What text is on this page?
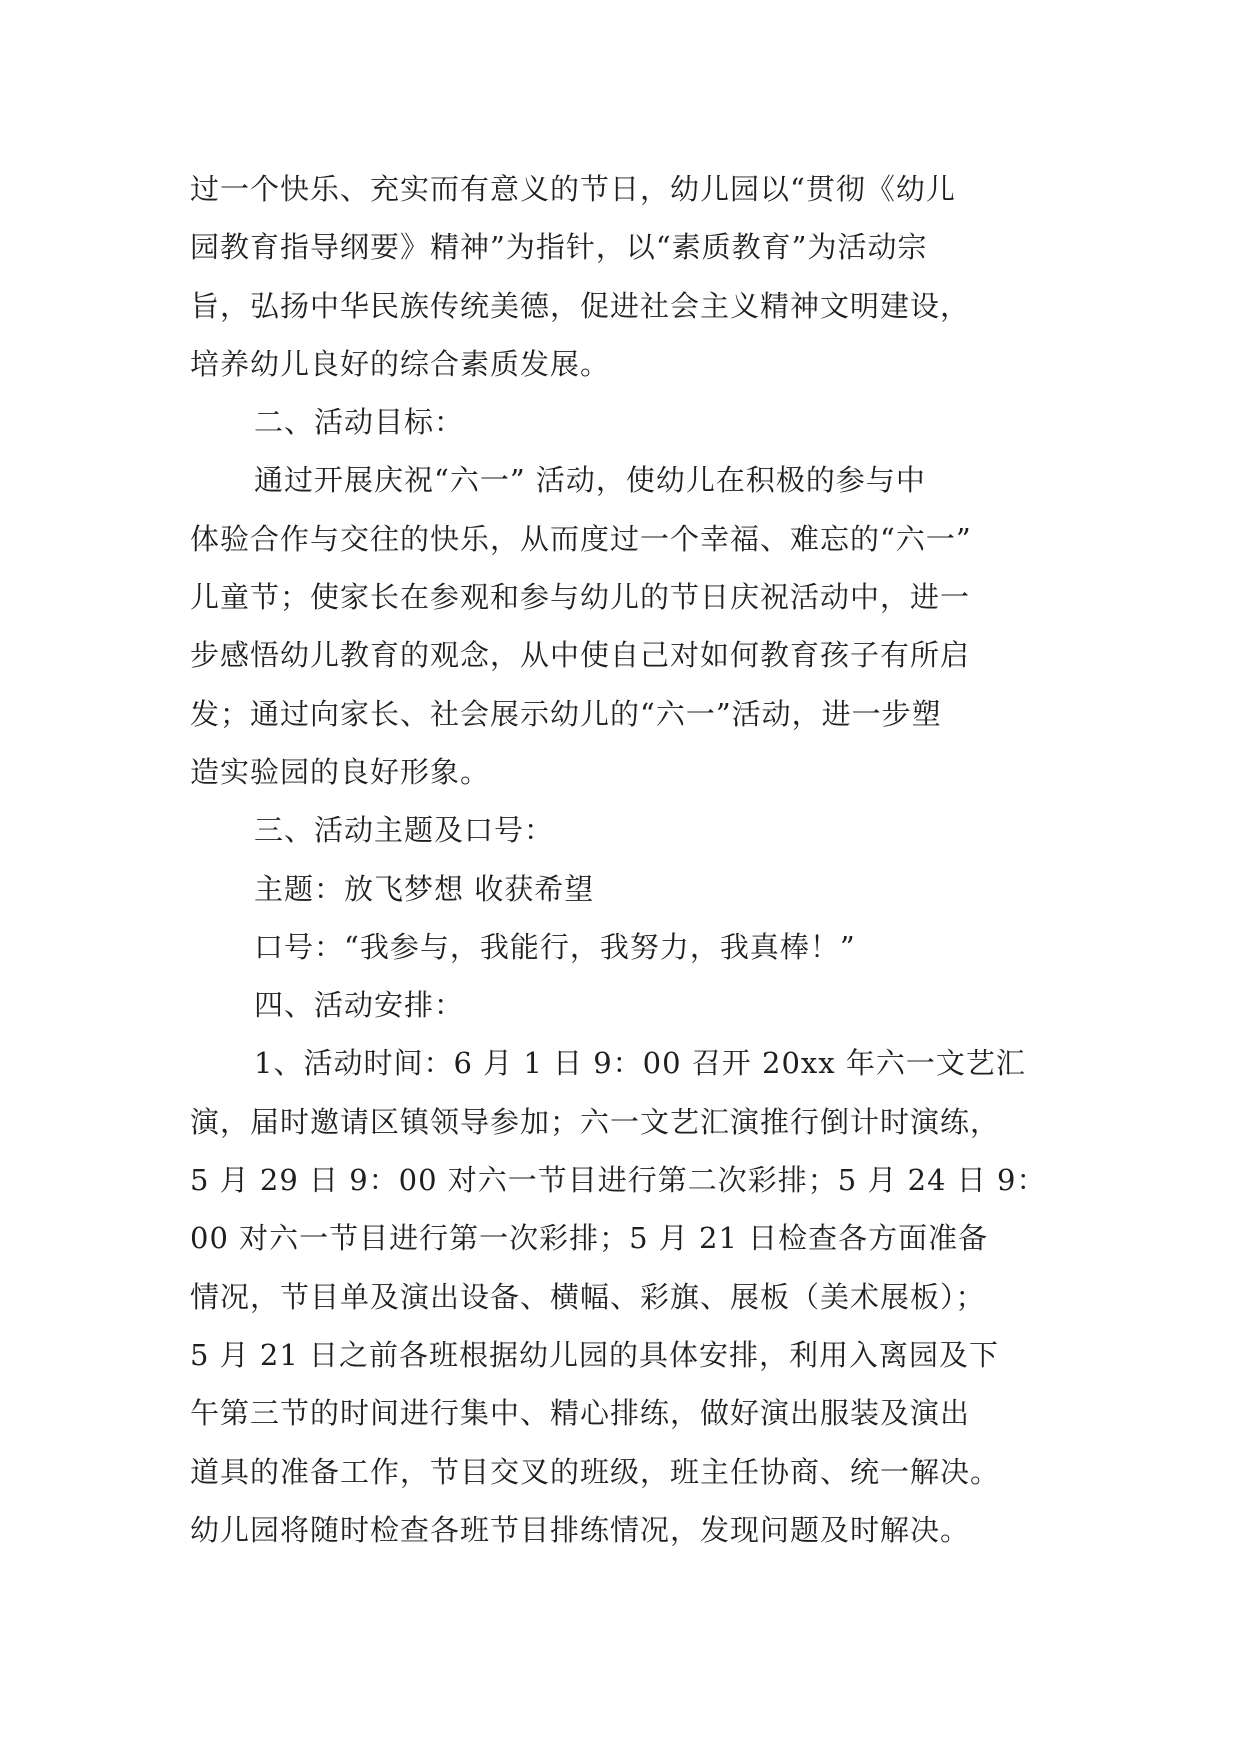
过一个快乐、充实而有意义的节日，幼儿园以“贯彻《幼儿
园教育指导纲要》精神”为指针，以“素质教育”为活动宗
旨，弘扬中华民族传统美德，促进社会主义精神文明建设，
培养幼儿良好的综合素质发展。
二、活动目标：
通过开展庆祝“六一” 活动，使幼儿在积极的参与中
体验合作与交往的快乐，从而度过一个幸福、难忘的“六一”
儿童节；使家长在参观和参与幼儿的节日庆祝活动中，进一
步感悟幼儿教育的观念，从中使自己对如何教育孩子有所启
发；通过向家长、社会展示幼儿的“六一”活动，进一步塑
造实验园的良好形象。
三、活动主题及口号：
主题：放飞梦想 收获希望
口号：“我参与，我能行，我努力，我真棒！”
四、活动安排：
1、活动时间：6 月 1 日 9：00 召开 20xx 年六一文艺汇
演，届时邀请区镇领导参加；六一文艺汇演推行倒计时演练，
5 月 29 日 9：00 对六一节目进行第二次彩排；5 月 24 日 9：
00 对六一节目进行第一次彩排；5 月 21 日检查各方面准备
情况，节目单及演出设备、横幅、彩旗、展板（美术展板）；
5 月 21 日之前各班根据幼儿园的具体安排，利用入离园及下
午第三节的时间进行集中、精心排练，做好演出服装及演出
道具的准备工作，节目交叉的班级，班主任协商、统一解决。
幼儿园将随时检查各班节目排练情况，发现问题及时解决。
